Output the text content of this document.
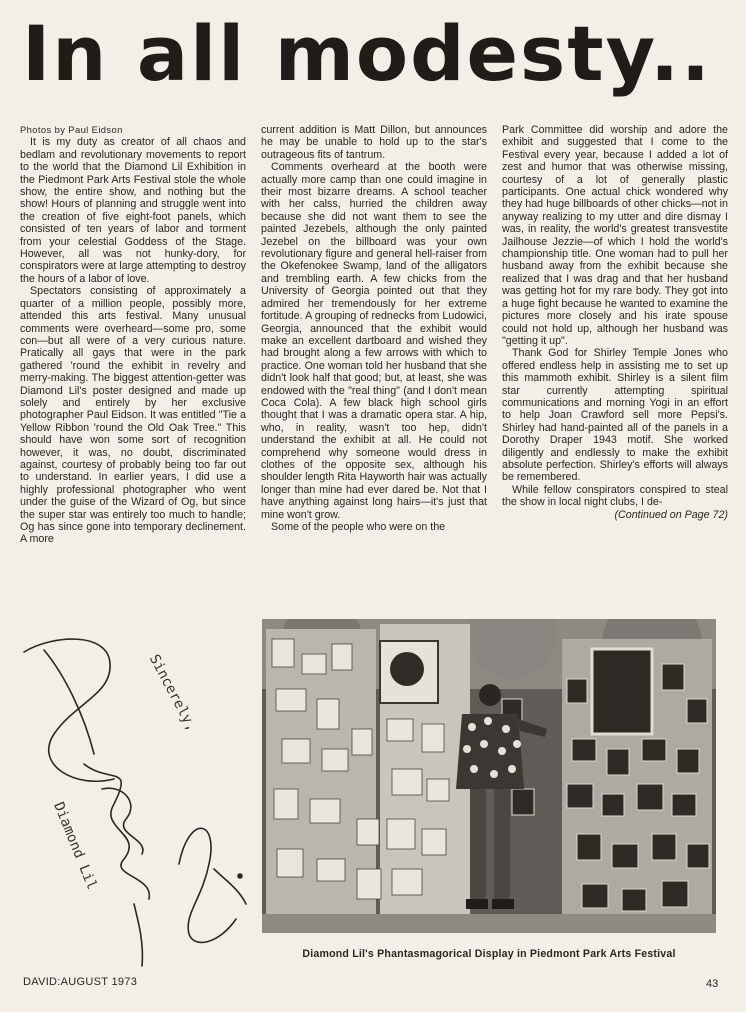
In all modesty..

Photos by Paul Eidson

It is my duty as creator of all chaos and bedlam and revolutionary movements to report to the world that the Diamond Lil Exhibition in the Piedmont Park Arts Festival stole the whole show, the entire show, and nothing but the show! Hours of planning and struggle went into the creation of five eight-foot panels, which consisted of ten years of labor and torment from your celestial Goddess of the Stage. However, all was not hunky-dory, for conspirators were at large attempting to destroy the hours of a labor of love.

Spectators consisting of approximately a quarter of a million people, possibly more, attended this arts festival. Many unusual comments were overheard—some pro, some con—but all were of a very curious nature. Pratically all gays that were in the park gathered 'round the exhibit in revelry and merry-making. The biggest attention-getter was Diamond Lil's poster designed and made up solely and entirely by her exclusive photographer Paul Eidson. It was entitled "Tie a Yellow Ribbon 'round the Old Oak Tree." This should have won some sort of recognition however, it was, no doubt, discriminated against, courtesy of probably being too far out to understand. In earlier years, I did use a highly professional photographer who went under the guise of the Wizard of Og, but since the super star was entirely too much to handle; Og has since gone into temporary declinement. A more

current addition is Matt Dillon, but announces he may be unable to hold up to the star's outrageous fits of tantrum.

Comments overheard at the booth were actually more camp than one could imagine in their most bizarre dreams. A school teacher with her calss, hurried the children away because she did not want them to see the painted Jezebels, although the only painted Jezebel on the billboard was your own revolutionary figure and general hell-raiser from the Okefenokee Swamp, land of the alligators and trembling earth. A few chicks from the University of Georgia pointed out that they admired her tremendously for her extreme fortitude. A grouping of rednecks from Ludowici, Georgia, announced that the exhibit would make an excellent dartboard and wished they had brought along a few arrows with which to practice. One woman told her husband that she didn't look half that good; but, at least, she was endowed with the "real thing" (and I don't mean Coca Cola). A few black high school girls thought that I was a dramatic opera star. A hip, who, in reality, wasn't too hep, didn't understand the exhibit at all. He could not comprehend why someone would dress in clothes of the opposite sex, although his shoulder length Rita Hayworth hair was actually longer than mine had ever dared be. Not that I have anything against long hairs—it's just that mine won't grow.

Some of the people who were on the

Park Committee did worship and adore the exhibit and suggested that I come to the Festival every year, because I added a lot of zest and humor that was otherwise missing, courtesy of a lot of generally plastic participants. One actual chick wondered why they had huge billboards of other chicks—not in anyway realizing to my utter and dire dismay I was, in reality, the world's greatest transvestite Jailhouse Jezzie—of which I hold the world's championship title. One woman had to pull her husband away from the exhibit because she realized that I was drag and that her husband was getting hot for my rare body. They got into a huge fight because he wanted to examine the pictures more closely and his irate spouse could not hold up, although her husband was "getting it up".

Thank God for Shirley Temple Jones who offered endless help in assisting me to set up this mammoth exhibit. Shirley is a silent film star currently attempting spiritual communications and morning Yogi in an effort to help Joan Crawford sell more Pepsi's. Shirley had hand-painted all of the panels in a Dorothy Draper 1943 motif. She worked diligently and endlessly to make the exhibit absolute perfection. Shirley's efforts will always be remembered.

While fellow conspirators conspired to steal the show in local night clubs, I de-

(Continued on Page 72)

Sincerely,
Diamond Lil
Diamond Lil's Phantasmagorical Display in Piedmont Park Arts Festival
DAVID:AUGUST 1973	43
